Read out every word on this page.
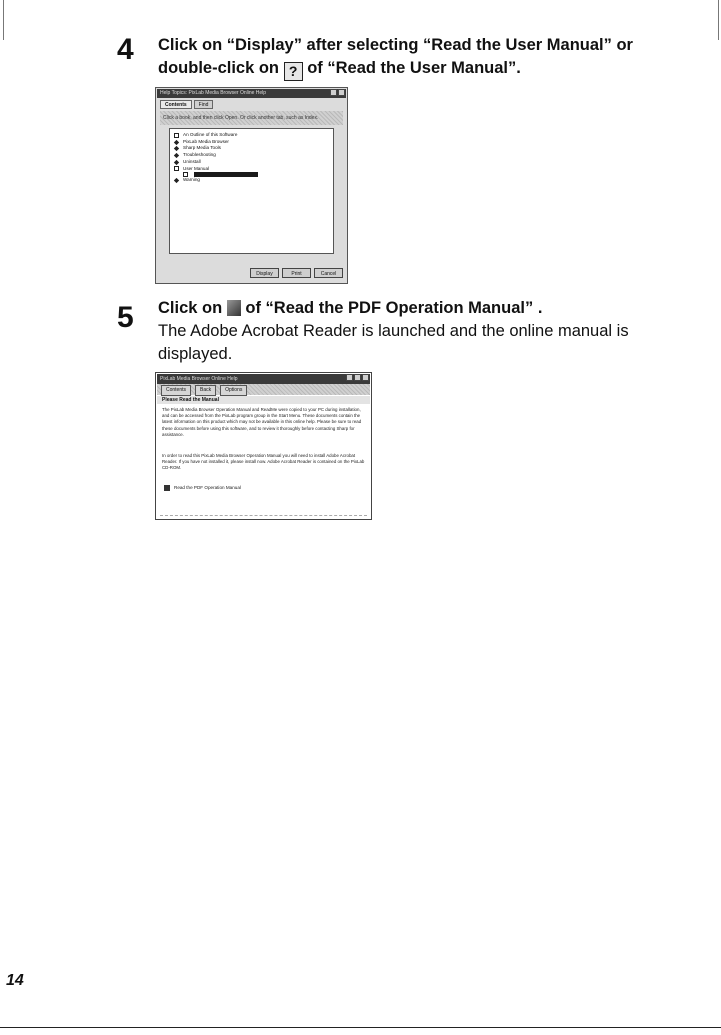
4 Click on “Display” after selecting “Read the User Manual” or
double-click on ? of “Read the User Manual”.
Help Topics: PixLab Media Browser Online Help
Contents	Find
Click a book, and then click Open. Or click another tab, such as Index.
An Outline of this Software
PixLab Media Browser
Sharp Media Tools
Troubleshooting
Uninstall
User Manual
Warning
Display	Print	Cancel
5 Click on of “Read the PDF Operation Manual” .
The Adobe Acrobat Reader is launched and the online manual is
displayed.
PixLab Media Browser Online Help
Contents	Back	Options
Please Read the Manual
The PixLab Media Browser Operation Manual and ReadMe were copied to your PC during installation, and can be accessed from the PixLab program group in the Start Menu. These documents contain the latest information on this product which may not be available in this online help. Please be sure to read these documents before using this software, and to review it thoroughly before contacting Sharp for assistance.
In order to read this PixLab Media Browser Operation Manual you will need to install Adobe Acrobat Reader. If you have not installed it, please install now. Adobe Acrobat Reader is contained on the PixLab CD-ROM.
Read the PDF Operation Manual
14
